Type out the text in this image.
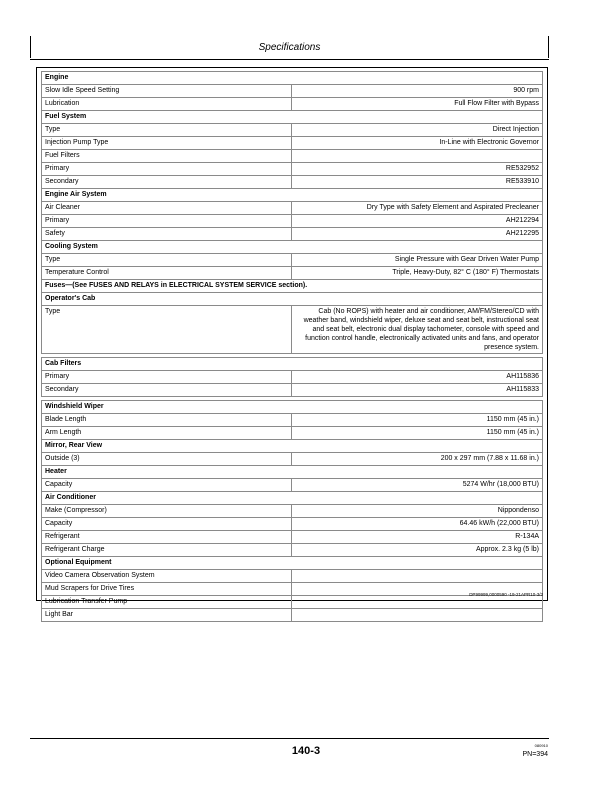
Specifications
Engine	
Slow Idle Speed Setting	900 rpm
Lubrication	Full Flow Filter with Bypass
Fuel System	
Type	Direct Injection
Injection Pump Type	In-Line with Electronic Governor
Fuel Filters	
Primary	RE532952
Secondary	RE533910
Engine Air System	
Air Cleaner	Dry Type with Safety Element and Aspirated Precleaner
Primary	AH212294
Safety	AH212295
Cooling System	
Type	Single Pressure with Gear Driven Water Pump
Temperature Control	Triple, Heavy-Duty, 82° C (180° F) Thermostats
Fuses—(See FUSES AND RELAYS in ELECTRICAL SYSTEM SERVICE section).	
Operator's Cab	
Type	Cab (No ROPS) with heater and air conditioner, AM/FM/Stereo/CD with weather band, windshield wiper, deluxe seat and seat belt, instructional seat and seat belt, electronic dual display tachometer, console with speed and function control handle, electronically activated units and fans, and operator presence system.

Cab Filters	
Primary	AH115836
Secondary	AH115833

Windshield Wiper	
Blade Length	1150 mm (45 in.)
Arm Length	1150 mm (45 in.)
Mirror, Rear View	
Outside (3)	200 x 297 mm (7.88 x 11.68 in.)
Heater	
Capacity	5274 W/hr (18,000 BTU)
Air Conditioner	
Make (Compressor)	Nippondenso
Capacity	64.46 kW/h (22,000 BTU)
Refrigerant	R-134A
Refrigerant Charge	Approx. 2.3 kg (5 lb)
Optional Equipment	
Video Camera Observation System	
Mud Scrapers for Drive Tires	
Lubrication Transfer Pump	
Light Bar	
DP99999,0000590 -19-21APR10-3/3
140-3	080910
PN=394
